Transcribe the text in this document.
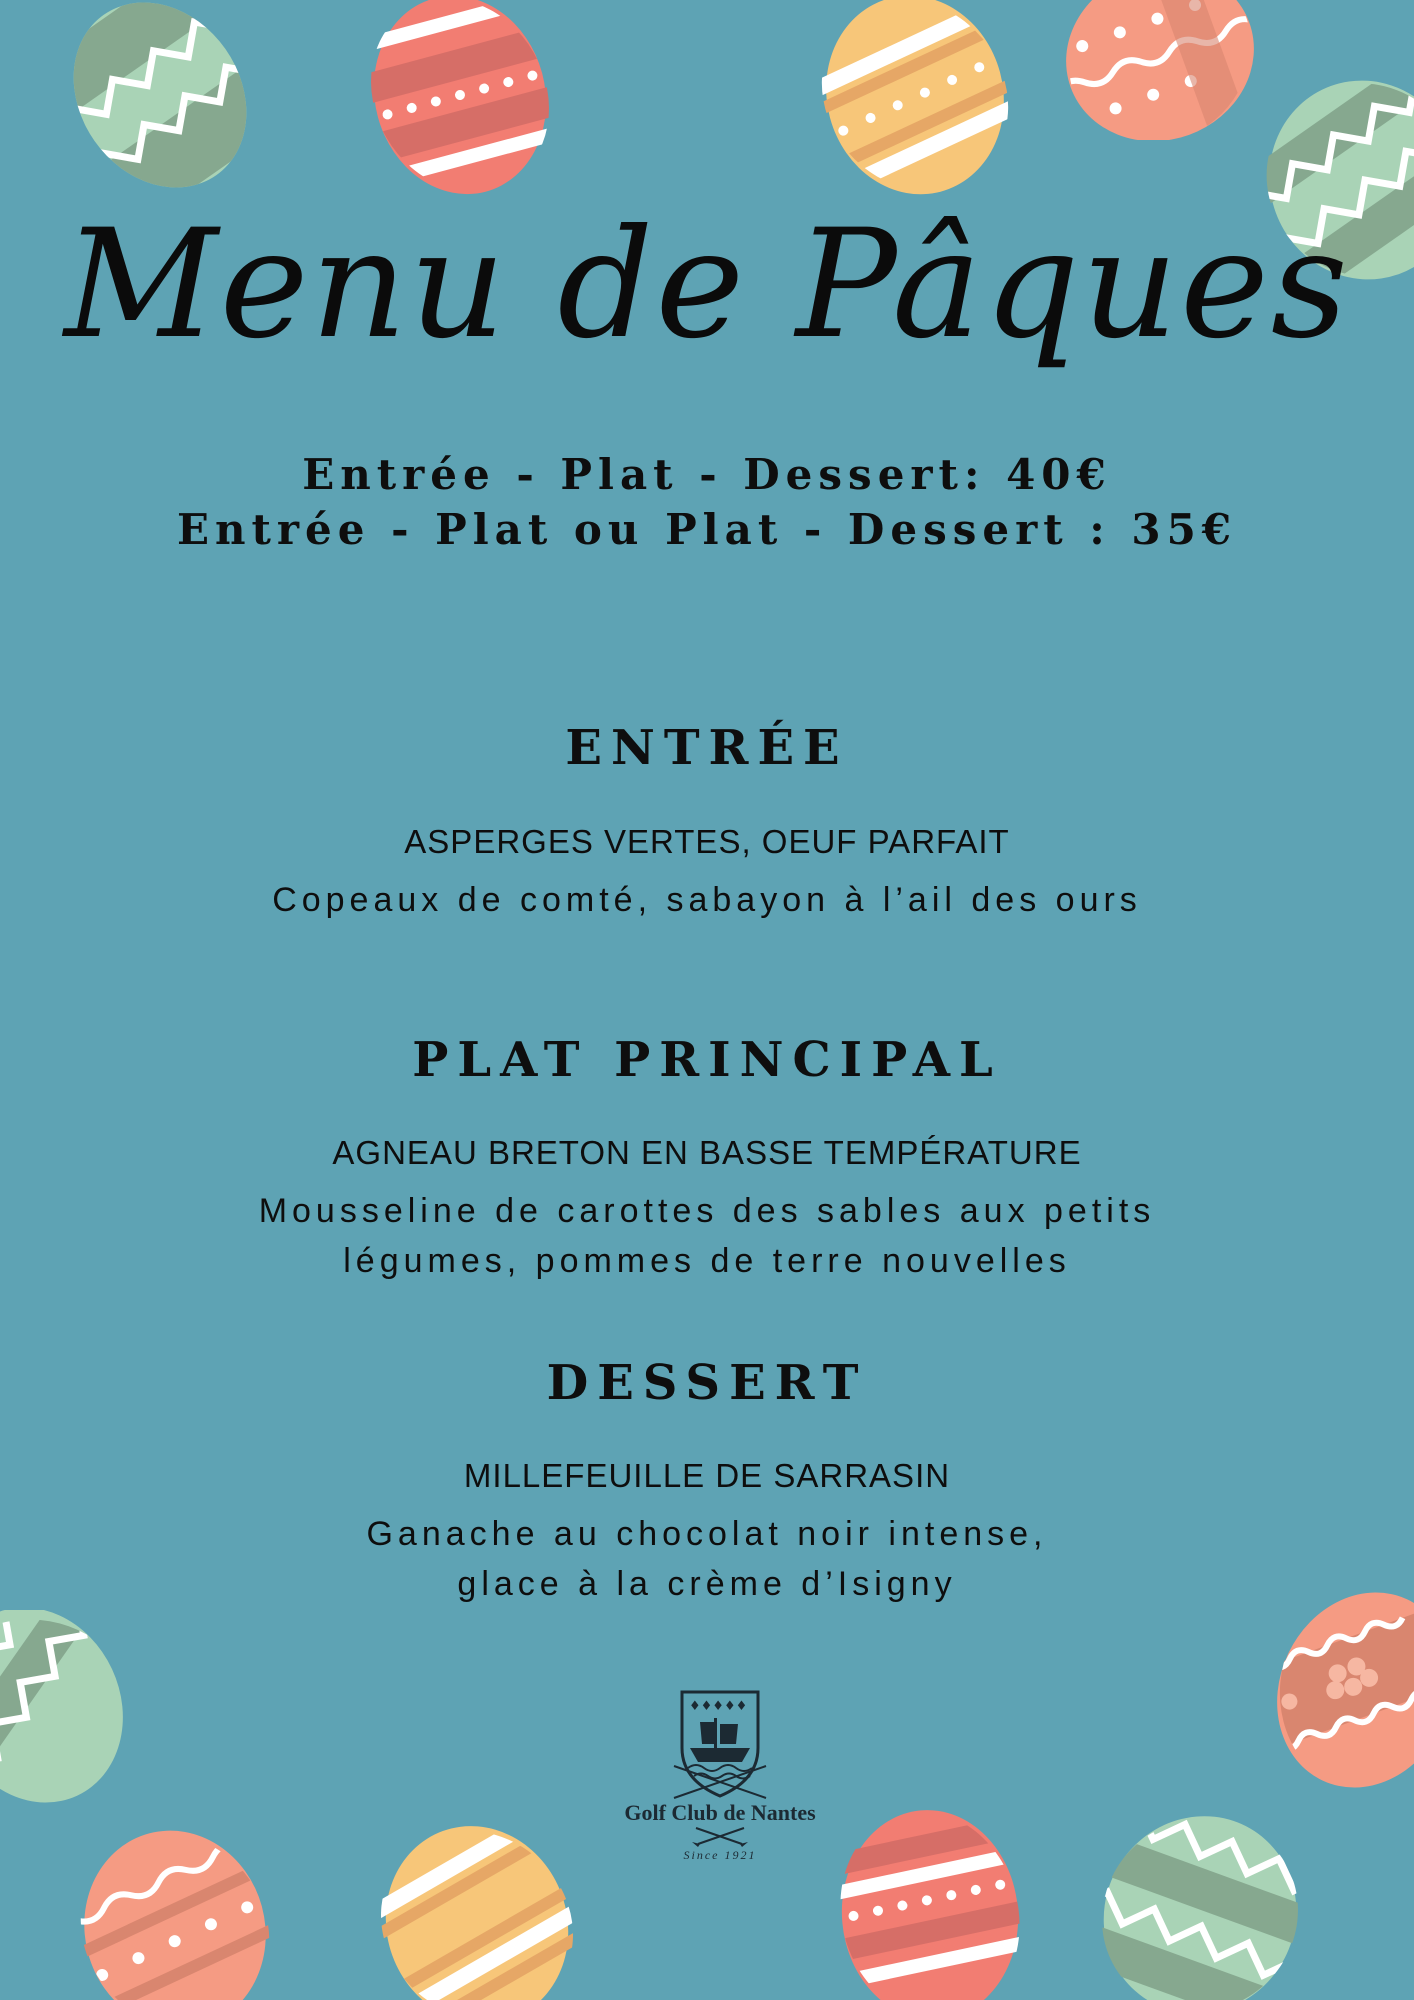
Menu de Pâques
Entrée - Plat - Dessert: 40€
Entrée - Plat ou Plat - Dessert : 35€
ENTRÉE
ASPERGES VERTES, OEUF PARFAIT
Copeaux de comté, sabayon à l’ail des ours
PLAT PRINCIPAL
AGNEAU BRETON EN BASSE TEMPÉRATURE
Mousseline de carottes des sables aux petits
légumes, pommes de terre nouvelles
DESSERT
MILLEFEUILLE DE SARRASIN
Ganache au chocolat noir intense,
glace à la crème d’Isigny
♦♦♦♦♦
Golf Club de Nantes
Since 1921
